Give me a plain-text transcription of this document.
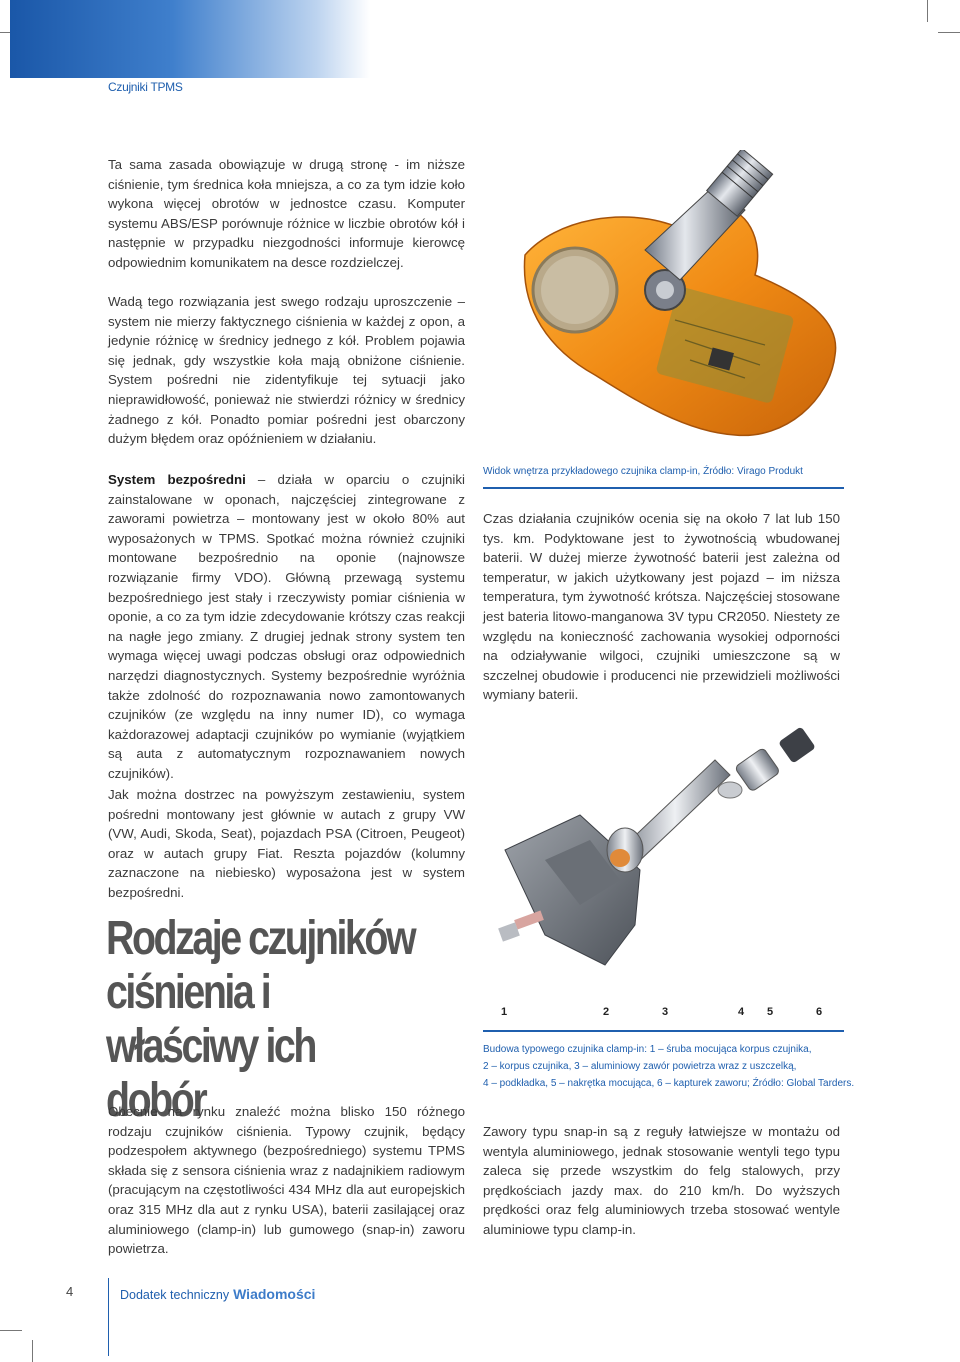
Czujniki TPMS

Ta sama zasada obowiązuje w drugą stronę - im niższe ciśnienie, tym średnica koła mniejsza, a co za tym idzie koło wykona więcej obrotów w jednostce czasu. Komputer systemu ABS/ESP porównuje różnice w liczbie obrotów kół i następnie w przypadku niezgodności informuje kierowcę odpowiednim komunikatem na desce rozdzielczej.

Wadą tego rozwiązania jest swego rodzaju uproszczenie – system nie mierzy faktycznego ciśnienia w każdej z opon, a jedynie różnicę w średnicy jednego z kół. Problem pojawia się jednak, gdy wszystkie koła mają obniżone ciśnienie. System pośredni nie zidentyfikuje tej sytuacji jako nieprawidłowość, ponieważ nie stwierdzi różnicy w średnicy żadnego z kół. Ponadto pomiar pośredni jest obarczony dużym błędem oraz opóźnieniem w działaniu.

System bezpośredni – działa w oparciu o czujniki zainstalowane w oponach, najczęściej zintegrowane z zaworami powietrza – montowany jest w około 80% aut wyposażonych w TPMS. Spotkać można również czujniki montowane bezpośrednio na oponie (najnowsze rozwiązanie firmy VDO). Główną przewagą systemu bezpośredniego jest stały i rzeczywisty pomiar ciśnienia w oponie, a co za tym idzie zdecydowanie krótszy czas reakcji na nagłe jego zmiany. Z drugiej jednak strony system ten wymaga więcej uwagi podczas obsługi oraz odpowiednich narzędzi diagnostycznych. Systemy bezpośrednie wyróżnia także zdolność do rozpoznawania nowo zamontowanych czujników (ze względu na inny numer ID), co wymaga każdorazowej adaptacji czujników po wymianie (wyjątkiem są auta z automatycznym rozpoznawaniem nowych czujników).

Jak można dostrzec na powyższym zestawieniu, system pośredni montowany jest głównie w autach z grupy VW (VW, Audi, Skoda, Seat), pojazdach PSA (Citroen, Peugeot) oraz w autach grupy Fiat. Reszta pojazdów (kolumny zaznaczone na niebiesko) wyposażona jest w system bezpośredni.

Rodzaje czujników ciśnienia i właściwy ich dobór

Obecnie na rynku znaleźć można blisko 150 różnego rodzaju czujników ciśnienia. Typowy czujnik, będący podzespołem aktywnego (bezpośredniego) systemu TPMS składa się z sensora ciśnienia wraz z nadajnikiem radiowym (pracującym na częstotliwości 434 MHz dla aut europejskich oraz 315 MHz dla aut z rynku USA), baterii zasilającej oraz aluminiowego (clamp-in) lub gumowego (snap-in) zaworu powietrza.

Widok wnętrza przykładowego czujnika clamp-in, Źródło: Virago Produkt

Czas działania czujników ocenia się na około 7 lat lub 150 tys. km. Podyktowane jest to żywotnością wbudowanej baterii. W dużej mierze żywotność baterii jest zależna od temperatur, w jakich użytkowany jest pojazd – im niższa temperatura, tym żywotność krótsza. Najczęściej stosowane jest bateria litowo-manganowa 3V typu CR2050. Niestety ze względu na konieczność zachowania wysokiej odporności na odziaływanie wilgoci, czujniki umieszczone są w szczelnej obudowie i producenci nie przewidzieli możliwości wymiany baterii.

1	2	3	4 5	6
Budowa typowego czujnika clamp-in: 1 – śruba mocująca korpus czujnika,
2 – korpus czujnika, 3 – aluminiowy zawór powietrza wraz z uszczelką,
4 – podkładka, 5 – nakrętka mocująca, 6 – kapturek zaworu; Źródło: Global Tarders.

Zawory typu snap-in są z reguły łatwiejsze w montażu od wentyla aluminiowego, jednak stosowanie wentyli tego typu zaleca się przede wszystkim do felg stalowych, przy prędkościach jazdy max. do 210 km/h. Do wyższych prędkości oraz felg aluminiowych trzeba stosować wentyle aluminiowe typu clamp-in.

4	Dodatek techniczny Wiadomości
